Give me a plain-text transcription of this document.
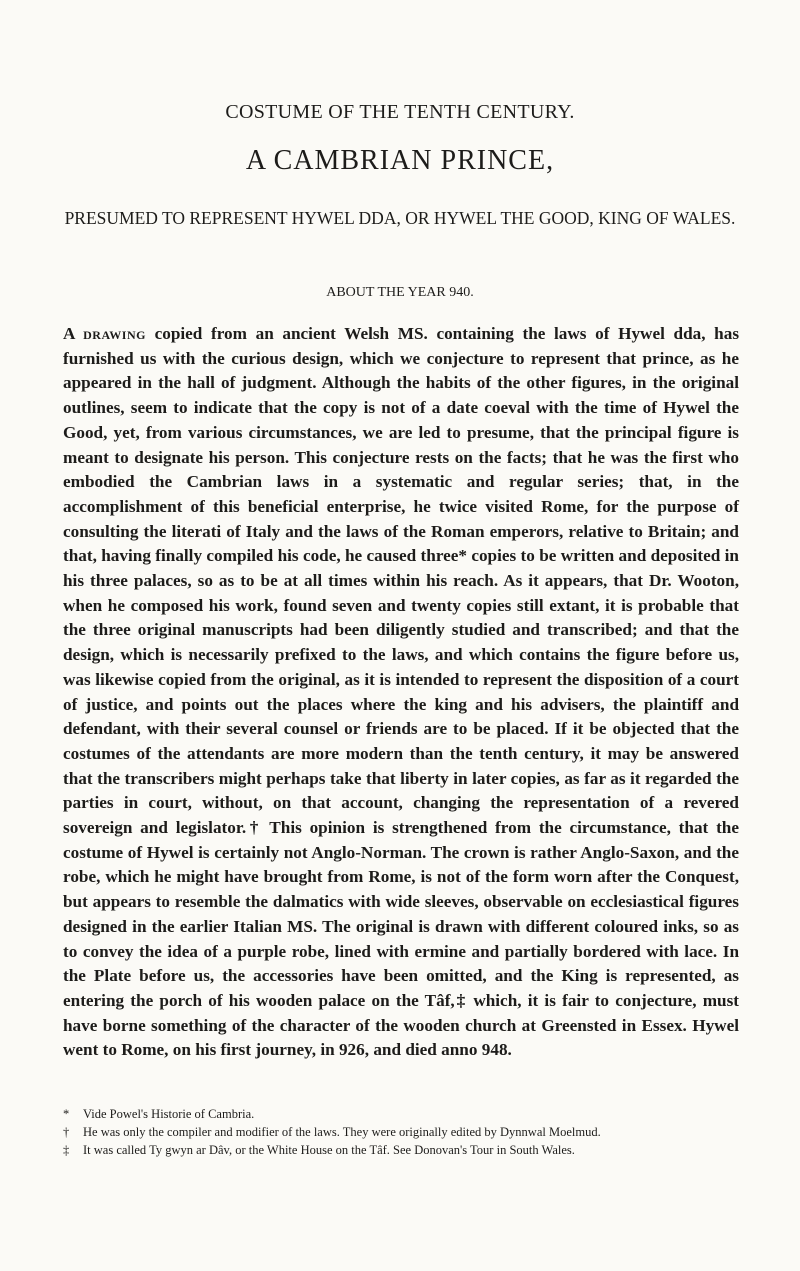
COSTUME OF THE TENTH CENTURY.
A CAMBRIAN PRINCE,
PRESUMED TO REPRESENT HYWEL DDA, OR HYWEL THE GOOD, KING OF WALES.
ABOUT THE YEAR 940.
A drawing copied from an ancient Welsh MS. containing the laws of Hywel dda, has furnished us with the curious design, which we conjecture to represent that prince, as he appeared in the hall of judgment. Although the habits of the other figures, in the original outlines, seem to indicate that the copy is not of a date coeval with the time of Hywel the Good, yet, from various circumstances, we are led to presume, that the principal figure is meant to designate his person. This conjecture rests on the facts; that he was the first who embodied the Cambrian laws in a systematic and regular series; that, in the accomplishment of this beneficial enterprise, he twice visited Rome, for the purpose of consulting the literati of Italy and the laws of the Roman emperors, relative to Britain; and that, having finally compiled his code, he caused three* copies to be written and deposited in his three palaces, so as to be at all times within his reach. As it appears, that Dr. Wooton, when he composed his work, found seven and twenty copies still extant, it is probable that the three original manuscripts had been diligently studied and transcribed; and that the design, which is necessarily prefixed to the laws, and which contains the figure before us, was likewise copied from the original, as it is intended to represent the disposition of a court of justice, and points out the places where the king and his advisers, the plaintiff and defendant, with their several counsel or friends are to be placed. If it be objected that the costumes of the attendants are more modern than the tenth century, it may be answered that the transcribers might perhaps take that liberty in later copies, as far as it regarded the parties in court, without, on that account, changing the representation of a revered sovereign and legislator.† This opinion is strengthened from the circumstance, that the costume of Hywel is certainly not Anglo-Norman. The crown is rather Anglo-Saxon, and the robe, which he might have brought from Rome, is not of the form worn after the Conquest, but appears to resemble the dalmatics with wide sleeves, observable on ecclesiastical figures designed in the earlier Italian MS. The original is drawn with different coloured inks, so as to convey the idea of a purple robe, lined with ermine and partially bordered with lace. In the Plate before us, the accessories have been omitted, and the King is represented, as entering the porch of his wooden palace on the Tâf,‡ which, it is fair to conjecture, must have borne something of the character of the wooden church at Greensted in Essex. Hywel went to Rome, on his first journey, in 926, and died anno 948.
* Vide Powel's Historie of Cambria.
† He was only the compiler and modifier of the laws. They were originally edited by Dynnwal Moelmud.
‡ It was called Ty gwyn ar Dâv, or the White House on the Tâf. See Donovan's Tour in South Wales.
